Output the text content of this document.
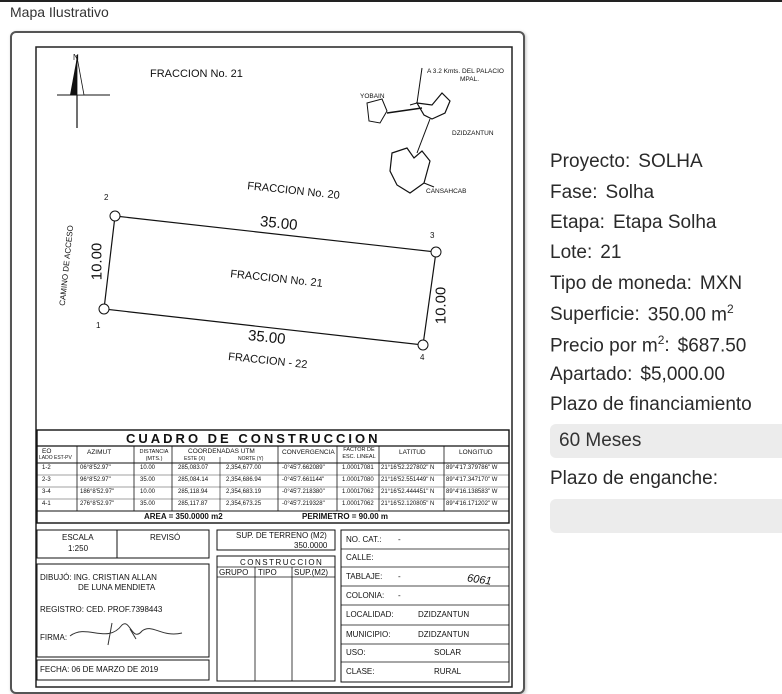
Mapa Ilustrativo
N
FRACCION No. 21	A 3.2 Kmts. DEL PALACIO
MPAL.
YOBAIN
DZIDZANTUN
CANSAHCAB
FRACCION No. 20
35.00
2
3
1
4
FRACCION No. 21
35.00
FRACCION - 22
10.00
10.00
CAMINO DE ACCESO
CUADRO DE CONSTRUCCION
EO
LADO EST-PV
AZIMUT	DISTANCIA (MTS.)
COORDENADAS UTM
ESTE (X)	NORTE (Y)
CONVERGENCIA	FACTOR DE ESC. LINEAL
LATITUD	LONGITUD
1-2	06°8'52.97"	10.00	285,083.07	2,354,677.00	-0°45'7.662089"	1.00017081 21°16'52.227802" N 89°4'17.379786" W
2-3	96°8'52.97"	35.00	285,084.14	2,354,686.94	-0°45'7.661144"	1.00017080 21°16'52.551449" N 89°4'17.347170" W
3-4	186°8'52.97"	10.00	285,118.94	2,354,683.19	-0°45'7.218380"	1.00017062 21°16'52.444451" N 89°4'16.138583" W
4-1	276°8'52.97"	35.00	285,117.87	2,354,673.25	-0°45'7.219328"	1.00017062 21°16'52.120805" N 89°4'16.171202" W
AREA = 350.0000 m2	PERIMETRO = 90.00 m
ESCALA
1:250
REVISÓ	SUP. DE TERRENO (M2)
350.0000
CONSTRUCCION
GRUPO TIPO SUP.(M2)
DIBUJÓ: ING. CRISTIAN ALLAN
DE LUNA MENDIETA
REGISTRO: CED. PROF.7398443
FIRMA:
FECHA: 06 DE MARZO DE 2019
NO. CAT.: -
CALLE:
TABLAJE: -	6061
COLONIA: -
LOCALIDAD:	DZIDZANTUN
MUNICIPIO:	DZIDZANTUN
USO:	SOLAR
CLASE:	RURAL
Proyecto: SOLHA
Fase: Solha
Etapa: Etapa Solha
Lote: 21
Tipo de moneda: MXN
Superficie: 350.00 $m^2$
Precio por $m^2$: $687.50
Apartado: $5,000.00
Plazo de financiamiento
60 Meses
Plazo de enganche:
